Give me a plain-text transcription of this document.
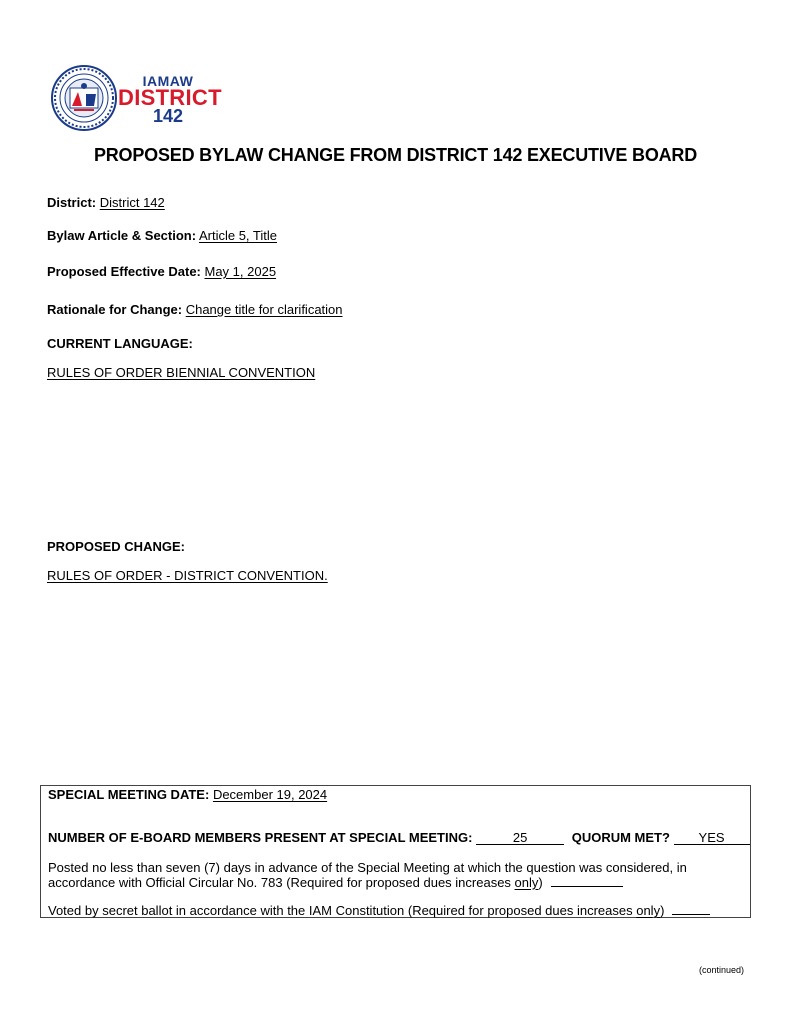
IAMAW
DISTRICT
142
PROPOSED BYLAW CHANGE FROM DISTRICT 142 EXECUTIVE BOARD
District: District 142
Bylaw Article & Section: Article 5, Title
Proposed Effective Date: May 1, 2025
Rationale for Change: Change title for clarification
CURRENT LANGUAGE:
RULES OF ORDER BIENNIAL CONVENTION
PROPOSED CHANGE:
RULES OF ORDER - DISTRICT CONVENTION.
SPECIAL MEETING DATE: December 19, 2024
NUMBER OF E-BOARD MEMBERS PRESENT AT SPECIAL MEETING:	25	QUORUM MET? YES
Posted no less than seven (7) days in advance of the Special Meeting at which the question was considered, in
accordance with Official Circular No. 783 (Required for proposed dues increases only)
Voted by secret ballot in accordance with the IAM Constitution (Required for proposed dues increases only)
(continued)
